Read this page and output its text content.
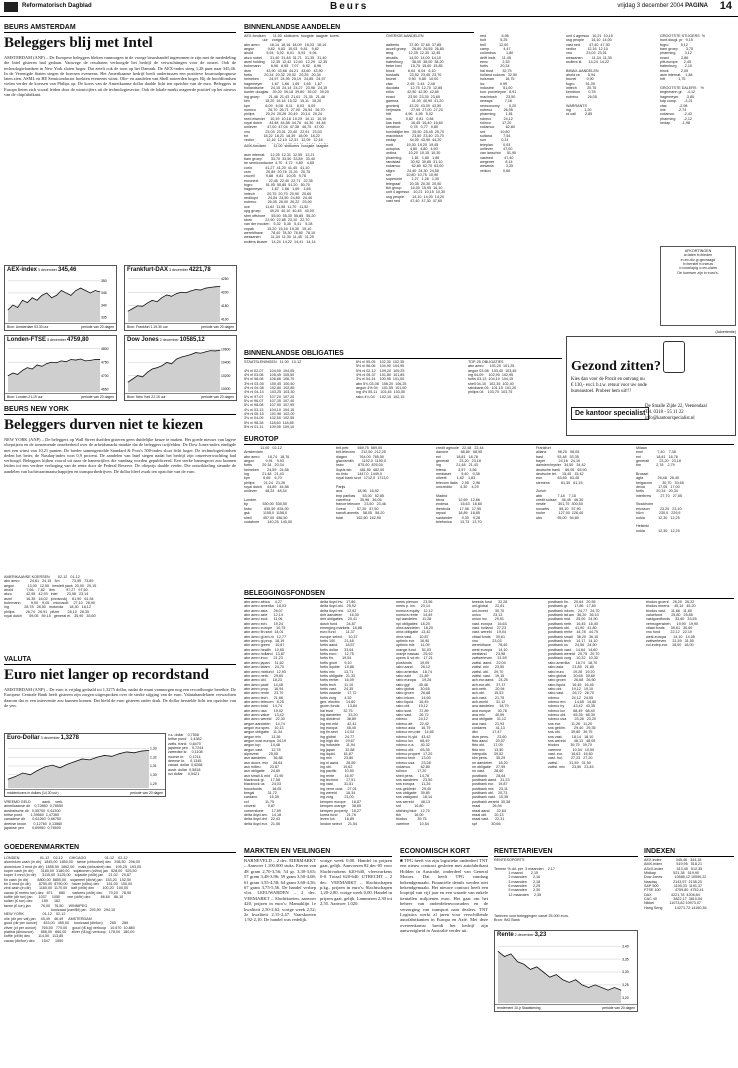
Reformatorisch Dagblad	Beurs	vrijdag 3 december 2004 PAGINA 14
BEURS AMSTERDAM
Beleggers blij met Intel
AMSTERDAM (ANP) – De Europese beleggers bleken vanmorgen in de vroege beurshandel ingenomen te zijn met de mededeling die Intel gisteren had gedaan. Vanwege de resultaten verhoogde het bedrijf de verwachtingen voor de omzet. Ook de technologiefondsen in New York sloten hoger. Dat zetelt ook de toon op het Damrak. De AEX-index steeg 1,28 punt naar 345,46. In de Verenigde Staten stegen de koersen eveneens. Het Amerikaanse bedrijf heeft ondertussen een positieve kwartaalprognose laten zien. ASML en BE Semiconductor boekten eveneens winst. Olie- en aandelen van Shell noteerden hoger. Bij de hoofdfondsen vielen verder de koersen van Philips op. De koers van de Amerikaanse dollar daalde licht ten opzichte van de euro. Beleggers in Europa lieten zich vooral leiden door de winstcijfers uit de technologiesector. Ook de lokale markt reageerde positief op het nieuws van de chipfabrikant.
AEX-index 3 december 345,46
Bron: Amsterdam 03.30 uur	periode van 20 dagen
350
345
340
335
Frankfurt-DAX 3 december 4221,78
Bron: Frankfurt 1.19.30 uur	periode van 20 dagen
4250
4200
4150
4100
Londen-FTSE 3 december 4759,80
Bron: Londen 21.19 uur	periode van 20 dagen
4800
4750
4700
4650
Dow Jones 2 december 10585,12
Bron: New York 22.15 uur	periode van 20 dagen
10600
10400
10200
10000
BEURS NEW YORK
Beleggers durven niet te kiezen
NEW YORK (ANP) – De beleggers op Wall Street durfden gisteren geen duidelijke keuze te maken. Het goede nieuws van lagere olieprijzen en de toenemende onzekerheid over de arbeidsmarkt maakte dat de beleggers twijfelden. De Dow Jones-index eindigde met een winst van 10,21 punten. De breder samengestelde Standard & Poor's 500-index sloot licht hoger. De technologiefondsen deden het beter, de Nasdaq-index won 0,9 procent. De aandelen van Intel stegen nadat het bedrijf zijn omzetverwachting had verhoogd. Beleggers kijken vooral uit naar de banencijfers die vandaag worden gepubliceerd. Een sterke banengroei zou kunnen leiden tot een verdere verhoging van de rente door de Federal Reserve. De olieprijs daalde verder. Die ontwikkeling steunde de aandelen van luchtvaartmaatschappijen en transportbedrijven. De dollar bleef zwak ten opzichte van de euro.
AMERIKAANSE KOERSEN        02-12   01-12
abn amro          24,61   24,15   3m            73,95   73,89
aegon             13,00   12,50   hewlett pack  20,00   20,15
ahold             7,66    7,82    ibm           97,27   97,50
akzo              42,95   42,93   intel         23,98   23,14
asml              16,35   16,02   johnson&j     61,90   61,54
buhrmann          9,00    9,05    microsoft     27,10   26,90
ing               28,78   28,50   motorola      18,30   18,12
philips           26,74   26,91   pfizer        28,10   28,35
royal dutch       59,05   59,15   general el.   35,90   35,60
VALUTA
Euro niet langer op recordstand
AMSTERDAM (ANP) – De euro is vrijdag gedaald tot 1,3275 dollar, nadat de munt vanmorgen nog een recordhoogte bereikte. De Europese Centrale Bank heeft gisteren zijn zorgen uitgesproken over de sterke stijging van de euro. Valutahandelaren verwachten daarom dat er een interventie zou kunnen komen. Dat hield de euro gisteren onder druk. De dollar herstelde licht ten opzichte van de yen.
Euro-Dollar 3 december 1,3278
middenkoers in dollars (14.30 uur)	periode van 20 dagen
1,33
1,32
1,31
1,30
1,29
v.s. dollar    0,7508
britse pond    1,4382
zwits. frank   0,6470
japanse yen    0,7244
zweedse kr.    0,1108
noorse kr.     0,1214
deense kr.     0,1345
canad. dollar  0,6268
austr. dollar  0,5818
nzl dollar     0,5421
VREEMD GELD           aank.    verk.
amerikaanse dlr    0,72860  0,78550
australische dlr   0,55700  0,61300
britse pond        1,39560  1,47360
canadese dlr       0,61260  0,66750
deense kroon       0,12760  0,13860
japanse yen        0,69950  0,76500
GOEDERENMARKTEN
LONDEN                    01-12    02-12      CHICAGO                  01-12    02-12
aluminium cash (in dlr)   1845,00  1850,00    tarwe (ct/bushel) dec   298,50   296,00
aluminium 3 mnd (in dlr)  1855,50  1862,00    mais (ct/bushel) dec    195,25   193,00
koper cash (in dlr)       3160,00  3180,00    sojabonen (ct/bu) jan   528,00   525,50
koper 3 mnd (in dlr)      3110,00  3125,00    sojaolie (ct/lb) jan     21,02    20,87
tin cash (in dlr)         8800,00  8850,00    sojameel (dlr/st) jan   153,20   152,50
tin 3 mnd (in dlr)        8750,00  8790,00    haver (ct/bu) dec       151,00   150,00
zink cash (in dlr)        1160,00  1170,00    kalf (ct/lb) dec        100,20   100,00
cacao (£ metric ton) dec   871      880       varkens (ct/lb) dec      79,20    78,90
koffie (dlr ton) jan      1037     1050       vee (ct/lb) dec          86,60    86,10
suiker (£ ton) dec         159      162
tarwe (£ ton) jan          76,00    76,50     WINNIPEG
koolzaad (can\$/t) jan   293,90   294,10
NEW YORK                  01-12    02-12
olie (dlr per vat) jan     45,49    46,49     AMSTERDAM
goud (dlr per ounce)      453,00   455,00     koolzaad (dlr/ton)       265      266
zilver (ct per ounce)     765,50   770,00     goud (\$ kg) verkoop    10.670  10.880
platina (dlr/ounce)       858,00   860,00     zilver (\$ kg) verkoop   178,00   180,00
koffie (ct/lb) dec        114,50   113,85
cacao (dlr/ton) dec       1547     1550
BINNENLANDSE AANDELEN
AEX-fondsen       11.00  slotkoers  hoogste  laagste  koers
uur    vorige
abn amro          18,14  18,16  18,09   18,03   18,14
aegon             9,82   9,83   10,03   9,81    9,82
ahold             5,94   5,92   6,01    5,93    5,94
akzo nobel        31,40  31,48  31,71   31,35   31,40
asml holding      12,35  12,42  12,60   12,29   12,35
buhrmann          6,96   6,95   7,07    6,92    6,96
dsm               43,90  43,68  44,21   43,60   43,90
fortis            20,34  20,32  20,52   20,25   20,34
heineken          24,97  24,95  25,19   24,85   24,97
hagemeyer         1,67   1,66   1,69    1,65    1,67
hollandsche       24,15  24,14  24,27   23,98   24,15
hunter douglas    39,20  39,18  39,80   39,02   39,20
ing groep         21,48  21,43  21,61   21,35   21,48
klm               15,20  15,18  15,32   15,11   15,20
kpn               6,09   6,08   6,11    6,03    6,09
numico            26,70  26,71  27,00   26,54   26,70
philips           20,24  20,26  20,49   20,14   20,24
reed elsevier     10,19  10,18  10,29   10,11   10,19
royal dutch       44,48  44,58  44,76   44,30   44,48
unilever          47,00  47,04  47,38   46,75   47,00
vnu               23,03  23,01  23,40   22,91   23,03
tnt               18,22  18,21  18,39   18,09   18,22
vedior            12,16  12,10  12,31   12,05   12,16

AMX-fondsen       11.00  slotkoers  hoogste  laagste

asm internat.     12,25  12,31  12,55   12,21
bam groep         33,70  33,50  33,89   33,40
be semiconductor  4,70   4,72   4,80    4,65
corio             41,27  41,20  41,45   41,10
csm               20,89  20,78  21,01   20,75
crucell           9,88   9,81   10,05   9,78
euronext          22,45  22,40  22,71   22,35
fugro             51,05  50,85  51,20   50,70
hagemeyer         1,67   1,66   1,69    1,65
imtech            20,75  20,70  20,90   20,60
nedlloyd          24,54  24,50  24,80   24,40
nutreco           26,05  26,00  26,22   25,90
oce               11,62  11,58  11,70   11,52
opg groep         40,20  40,10  40,45   40,00
sbm offshore      55,50  55,30  55,85   55,20
stork             22,90  22,85  23,10   22,70
van der moolen    5,32   5,30   5,41    5,28
vopak             15,20  15,18  15,35   15,10
wereldhave        78,40  78,30  78,80   78,10
wessanen          11,34  11,30  11,45   11,25
wolters kluwer    14,24  14,22  14,41   14,14
OVERIGE AANDELEN

aalberts          37,50  37,60  37,85
accell groep      26,60  26,55  26,80
amg               12,35  12,30  12,45
arcadis           14,00  14,00  14,10
batenburg         38,00  38,00  38,20
beter bed         15,70  15,60  15,85
binck             6,04   6,04   6,10
boskalis          23,52  23,45  23,70
brunel            9,90   9,85   10,00
ctac              2,45   2,44   2,48
docdata           12,75  12,70  12,85
eriks             42,50  42,50  42,80
exact             23,50  23,35  23,65
gamma             41,00  40,90  41,20
grontmij          43,25  43,00  43,50
heijmans          27,05  27,00  27,20
hitt              4,96   4,95   5,02
icts              0,82   0,81   0,84
kas bank          16,45  16,40  16,60
kendrion          0,78   0,77   0,80
koninklijke ten   25,50  25,45  25,70
macintosh         23,50  23,40  23,70
nedap             44,00  43,90  44,20
norit             19,30  19,20  19,45
octoplus          4,80   4,80   4,90
ordina            10,20  10,15  10,30
pharming          1,81   1,80   1,85
randstad          30,92  30,85  31,10
rodamco           62,80  62,70  63,00
sligro            24,40  24,30  24,55
snt               10,80  10,75  10,90
superunie         1,27   1,26   1,30
telegraaf         20,35  20,30  20,50
tkh group         16,00  15,95  16,10
unit 4 agresso    10,21  10,15  10,30
usg people        14,10  14,00  14,20
vast ned          47,40  47,30  47,60
ned               6,96
bolt              5,25
brill             12,00
camp              4,47
columbus          1,80
delft instr.      11,45
eenc              2,35
fortis            20,34
hal trust         32,75
holland colours   32,50
huisman           16,75
icc               0,99
industrie         51,00
kon. porceleyne   8,91
macintosh         23,50
neways            7,16
newconomy         0,20
nutreco           26,05
pharming          1,81
robeco            24,12
rolinco           17,20
rodamco           62,80
snt               10,80
sultana           7,54
sun               0,31
teleplan          0,93
unilever          47,00
van lanschot      51,90
vastned           47,40
wegener           8,14
weweda            3,35
xeikon            0,66
unit 4 agresso   10,21  10,15
usg people       14,10  14,00
vast ned         47,40  47,30
vedior           12,16  12,10
vnu              23,03  23,01
wessanen         11,34  11,30
wolters kl.      14,24  14,22

BIMAX-AANDELEN
ahold cs        5,94
brunel          9,90
fugro           51,05
imtech          20,75
kendrion        0,78
nutreco         26,05

WARRANTS
ing             1,20
rd call         2,85
GROOTSTE STIJGERS  %
hunt.dougl. pr   9,15
fugro            5,12
bam groep        3,75
pharming         3,12
exact            2,86
pitt-europe      2,45
batenburg        2,10
binck            2,05
asm internat.    1,84
hitt             1,75

GROOTSTE DALERS    %
begemann gr.    -4,12
hagemeyer       -3,85
kdp comp.       -3,21
ctac            -2,98
icts            -2,74
rodamco         -2,43
pharming        -2,12
nedap           -1,98
AFKORTINGEN
a=laten b=bieden
e=ex-div g=gevraagd
h=herstel n=nieuw
v=voorlopig x=ex-claim
De koersen zijn in euro's.
(Advertentie)
Gezond zitten?
Kies dan voor de Prozit en ontvang nu
€ 130,- excl. b.t.w. retour voor uw oude
bureaustoel. Probeer hem uit!!!
De kantoor specialist
De Smalle Zijde 22, Veenendaal
Tel. 0318 - 55 11 22
info@kantoorspecialist.nl
BINNENLANDSE OBLIGATIES
STAATSLENINGEN   11.00   10-12

4½ nl 02-07      104,00  104,05
4½ nl 03-08      105,45  105,50
5½ nl 98-08      106,66  106,70
3% nl 03-05      100,45  100,50
4% nl 04-08      102,80  102,85
4% nl 04-14      103,25  103,30
5¾ nl 97-07      107,20  107,20
5¾ nl 96-07      107,35  107,40
5¼ nl 98-08      107,90  107,95
4¼ nl 03-13      104,10  104,15
4% nl 05-15      101,98  102,00
3¾ nl 04-09      102,50  102,55
5½ nl 98-28      118,60  118,65
5% nl 01-11      109,05  109,10
6½ nl 95-05    102,30  102,35
5½ nl 96-06    104,90  104,95
5% nl 02-12    109,20  109,25
4% nl 05-37    101,80  101,85
3¾ nl 04-14    100,95  101,00
abn 5¾ 03-08   106,20  106,25
aegon 4% 04    101,55  101,60
ing 4½ 05-11   103,45  103,50
rabo 4¼ 04     102,10  102,15
TOP-25 OBLIGATIES
abn amro      101,20  101,25
aegon 03-08   103,40  103,45
ing 04-09     102,90  102,95
fortis 03-13  104,10  104,15
shell 04-10   102,35  102,40
rabobank 05   101,15  101,20
philips 04    103,70  103,75
EUROTOP
11.00   02-12
Amsterdam
abn amro        18,74   18,76
aegon           9,91    9,93
fortis          20,34   20,34
heineken        24,59   24,58
ing             21,48   21,43
kpn             6,65    6,70
philips         21,24   21,26
royal dutch     44,89   44,58
unilever        48,24   48,34

Londen
bp              530,00  530,50
hsbc            835,50  834,00
gsk             1155,0  1158,0
shell           457,00  456,50
vodafone        140,25  140,00
brit.petr.        569,75  569,00
brit.telecom      212,50  212,25
diageo            764,00  765,50
glaxosmith        1192,0  1190,0
hsbc              875,00  876,00
lloyds tsb        481,50  482,00
rio tinto         1447,0  1449,0
royal bank scot   1712,0  1713,0

Parijs
axa               18,96   18,92
bnp paribas       53,00   52,85
carrefour         35,96   36,05
france telecom    23,50   23,46
l'oreal           57,20   57,50
sanofi-aventis    58,05   58,20
total             162,60  162,90
credit agricole   22,48   22,44
danone            68,80   68,95
eni               18,81   18,78
generali          23,20   23,18
ing               21,48   21,43
intesa            3,57    3,56
mediaset          9,40    9,38
olivetti          1,82    1,83
telecom italia    2,95    2,96
unicredito        4,30    4,29

Madrid
bbva              12,69   12,66
endesa            16,63   16,60
iberdrola         17,98   17,95
repsol            18,89   18,85
santander         9,30    9,28
telefonica        13,73   13,70
Frankfurt
allianz           98,20   98,05
basf              53,48   53,35
bayer             24,16   24,10
daimlerchrysler   34,50   34,42
deutsche bank     66,05   65,90
deutsche tel.     15,45   15,42
eon               63,60   63,45
siemens           61,30   61,15

Zurich
abb               7,18    7,15
credit suisse     46,45   46,30
nestle            301,75  300,50
novartis          58,10   57,90
roche             127,00  126,40
ubs               95,00   94,80
Milaan
enel              7,40    7,38
eni               18,81   18,78
generali          23,20   23,18
tim               2,78    2,79

Brussel
agfa              26,48   26,40
belgacom          30,70   30,65
dexia             17,05   17,00
fortis            20,34   20,34
interbrew         27,70   27,65

Stockholm
ericsson          23,20   23,10
h&m               230,0   229,5
nokia             12,30   12,25

Helsinki
nokia             12,30   12,25
BELEGGINGSFONDSEN
abn amro africa     4,27
abn amro amerika   18,03
abn amro asia      26,07
abn amro azie      12,14
abn amro ecol.     11,06
abn amro ech.      19,24
abn amro europe    10,75
abn amro fin.sect  14,01
abn amro gl.em.m   12,77
abn amro gl.prop.  18,19
abn amro green     10,87
abn amro health    10,65
abn amro holland   13,87
abn amro inco.     21,23
abn amro japan     11,62
abn amro latam     24,70
abn amro mixfund   12,93
abn amro neth.     29,60
abn amro obl.      18,23
abn amro pacif.    14,48
abn amro prop.     16,94
abn amro rente     23,70
abn amro tech.     21,66
abn amro telecom   8,25
abn amro total     14,74
abn amro usa       19,02
abn amro value     13,42
abn amro wereld    22,30
aegon aandelen     14,74
aegon eur.spec.    10,13
aegon obligatie    11,34
aegon mix          13,36
aegon oost europa  34,19
aegon top          14,48
aegon vast.        12,78
alpinvest          25,05
asn aandelen       36,88
asn duurz. mix     28,64
asn milieu         23,87
asn obligatie      24,60
asn small & mid    41,90
blackrock gl.      17,58
blackrock us       24,03
bouwfonds          18,05
bregal             31,72
cardano            15,39
ccf                11,75
cinvest            9,87
cornerstone        17,59
delta lloyd am.    14,18
delta lloyd dnf    22,43
delta lloyd eur.   21,06
delta lloyd inv.   17,86
delta lloyd obl.   25,92
delta lloyd red.   12,02
dnh aandelen       16,30
dnh obligaties     20,41
dutch fund         24,87
emerging markets   18,88
euro fund          11,37
europe select      10,37
fortis 100         21,48
fortis aand.       18,57
fortis dollar      33,64
fortis euro        12,75
fortis fin.        19,54
fortis groei       9,10
fortis liquide     10,86
fortis mix         13,71
fortis obligatie   21,33
fortis renter.     16,09
fortis tech        11,10
fortis vast.       24,35
fortis waarde      17,72
fortis zorg        4,52
gen. electric      14,60
groen fonds        13,84
hal trust          32,75
ing aandelen       33,20
ing dividend       38,89
ing em.mkt         42,41
ing europa         46,40
ing fin.sect       14,04
ing global         24,77
ing high div.      29,67
ing industrie      11,94
ing japan          32,88
ing liquid.        61,87
ing mix            23,80
ing nl aand.       26,59
ing obl.           19,62
ing pacific        10,50
ing rente          16,97
ing technol.       17,51
ing vast.          31,51
ing verre oost.    27,01
ing wereld         16,34
ing zorg           21,00
kempen europe      18,87
kempen orange      38,65
kempen property    18,27
korea fund         21,76
leven lux.         16,89
london select      21,54
mees pierson     23,56
mees p. inv.     23,14
nomura equity    12,12
nomura rente     14,49
npi aandelen     11,28
npi obligaties   18,20
ohra aandelen    18,20
ohra obligatie   13,42
ohra vast.       10,87
optimix eur.     16,90
optimix mix      11,09
orange fund      51,03
oranje nassau    25,92
oyens & vd eb    17,21
plusfonds        19,09
rabo aand.       26,12
rabo amerika     18,74
rabo azie        21,89
rabo europa      19,26
rabo ggf         40,46
rabo global      30,65
rabo groen       26,68
rabo inkom.      14,60
rabo liquid.     16,49
rabo obl.        19,12
rabo sust.       37,89
rabo vast.       26,72
robeco           24,12
robeco afr.      22,42
robeco asia      16,79
robeco em.mkt    14,65
robeco hi-yld    43,42
robeco lux       68,49
robeco n.a.      40,32
robeco obl.      65,35
robeco propert   17,20
robeco tech      13,00
robeco usa       23,28
rodamco          62,80
rolinco          17,20
shell pens.      14,78
sns aandelen     23,50
sns europa       11,26
sns geldmkt      29,40
sns obligatie    39,80
sns vastgoed     18,14
sns wereld       48,13
snt             10,80
stiching blue    12,70
tkh             16,00
triodos          39,75
varenne          10,54
tweeds fund      32,28
uni-global       22,81
uni-invest       30,70
unico            23,13
union inv.       29,91
vast. europa     16,63
vast. holland    27,23
vast. wereld     19,04
vitaal fonds     30,61
vnu              23,03
wereldhave       78,40
west europa      14,10
westland         23,98
zwitserleven     31,59
zwitsl. aand.    22,04
zwitsl. mix      23,50
zwitsl. obl.     29,70
zwitsl. vast.    19,15
ach.eur.aand.    24,25
ach.eur.obl.     37,17
ach.neth.        20,94
ach.obl.         15,53
ach.vast.        21,75
ach.world        31,12
axa aandelen     18,79
axa europa       30,78
axa mix          40,59
axa obligatie    31,12
axa vast.        21,93
cordares         41,13
dbv              17,47
dsm pens.        23,60
fbto aand.       20,07
fbto obl.        17,09
fbto mix         13,50
interpolis       39,02
klm pens.        35,29
nn aandelen      18,20
nn obligatie     27,99
nn vast.         28,60
postbank         28,64
postbank aand.   31,23
postbank eur.    19,87
postbank mix     23,11
postbank obl.    20,73
postbank vast.   15,35
postbank wereld  30,38
reaal            26,94
reaal aand.      22,64
reaal obl.       20,13
reaal vast.      22,31
spf              30,66
postbank fin.     20,64   20,55
postbank gr.      17,86   17,80
postbank inkom.   24,77   24,70
postbank lat.am   36,20   36,10
postbank mid.     25,00   24,90
postbank neth.    16,45   16,40
postbank obl.     41,90   41,80
postbank rente    44,78   44,70
postbank small    36,20   36,10
postbank tech     14,17   14,10
postbank us       24,56   24,50
postbank vast.    14,64   14,60
postbank wereld   20,75   20,70
postbank zorg     10,32   10,30
rabo amerika      18,74   18,70
rabo asia         21,89   21,80
rabo euro         19,26   19,20
rabo global       30,65   30,60
rabo groen        26,68   26,60
rabo liquid.      16,49   16,45
rabo obl.         19,12   19,10
rabo vast.        26,72   26,70
robeco            24,12   24,05
robeco em.        14,65   14,60
robeco hy         43,42   43,35
robeco lux        68,49   68,40
robeco obl.       65,35   65,30
robeco usa        23,28   23,20
sns eur.          11,26   11,20
sns geldm.        29,40   29,35
sns obl.          39,80   39,75
sns vast.         18,14   18,10
sns wereld        48,13   48,05
triodos           39,75   39,70
varenne           10,54   10,50
vast. eur.        16,63   16,60
vast. hol.        27,23   27,20
zwitsl.           31,59   31,50
zwitsl. mix       23,50   23,45
triodos groenf.   26,20   26,22
triodos meerw.    45,14   45,20
triodos vast.     11,66   11,60
valuefund         25,80   25,85
vastgoedfonds     33,60   33,55
vermogensbeh.     19,90   19,90
vitaal fonds      30,61   30,60
vnu fund          22,12   22,10
west.europa       14,10   14,05
zwitserleven      31,59   31,50
vol.indep.eur.    18,00   18,00
MARKTEN EN VEILINGEN
BARNEVELD – 2 dec. EIERMARKT – Aanvoer 1.100.000 stuks. Eieren van 48 gram 2,70-3,56; 54 gr. 3,30-3,63; 57 gram 3,48-3,96; 59 gram 3,50-4,08; 61 gram 3,55-4,58; 64 gram 3,68-4,56; 67 gram 3,75-5,56. De handel verliep vlot. LEEUWARDEN – 2 dec. VEEMARKT – Slachtkoeien, aanvoer 420, prijzen in euro's: Mamaklijn 1e kwaliteit 2,50-2,62, vorige week 2,52; 2e kwaliteit 2,15-2,47. Vaarskoeien 1,92-2,10. De handel was redelijk.
vorige week 0,00. Handel in prijzen gaat, gelijk. Aanvoeren 82 dec-05 voor Slachtvarkens 620-640, vleesvarkens 0-0. Totaal 620-640. UTRECHT – 2 dec. VEEMARKT – Slachtschapen p.kg., prijzen in euro's: Slachtschapen 1,20-2,80, vorige week 0,00. Handel in prijzen gaat, gelijk. Lammeren 2,30 tot 2,55. Aanvoer 1.020.
ECONOMISCH KORT
■ TPG heeft via zijn logistieke onderdeel TNT een nieuw contract gesloten met autofabrikant Holden in Australië, onderdeel van General Motors. Dat heeft TPG vandaag bekendgemaakt. Financiële details werden niet bekendgemaakt. Het nieuwe contract heeft een looptijd van vijf jaar en een waarde van enkele tientallen miljoenen euro. Het gaat om het beheer van onderdelenvoorraden en de verzorging van transport naar dealers. TNT Logistics werkt al jaren voor verschillende autofabrikanten in Europa en Azië. Met deze overeenkomst breidt het bedrijf zijn aanwezigheid in Australië verder uit.
RENTETARIEVEN
RENTESOPORTS

Termen % dd. per  3 maanden    2,17
1 maand        2,15
2 maanden      2,16
3 maanden      2,18
6 maanden      2,25
9 maanden      2,30
12 maanden     2,35
Tarieven voor beleggingen vanaf 25.000 euro.
Bron: ING Bank
Rente 2 december 3,23
rendement 10-jr Staatslening	periode van 20 dagen
3,40
3,35
3,30
3,25
3,20
INDEXEN
AEX-index              345,46   344,18
AMX-index              519,95   518,21
AScX-index             513,45   512,35
Midkap                 521,38   519,90
Dow Jones            10585,12 10590,22
Nasdaq                2143,57  2138,23
S&P 500               1190,33  1191,37
FTSE 100              4759,80  4752,41
DAX                   4221,78  4206,84
CAC 40                3822,17  3810,54
Nikkei               11073,82 10973,07
Hang Seng            14271,72 14150,36
